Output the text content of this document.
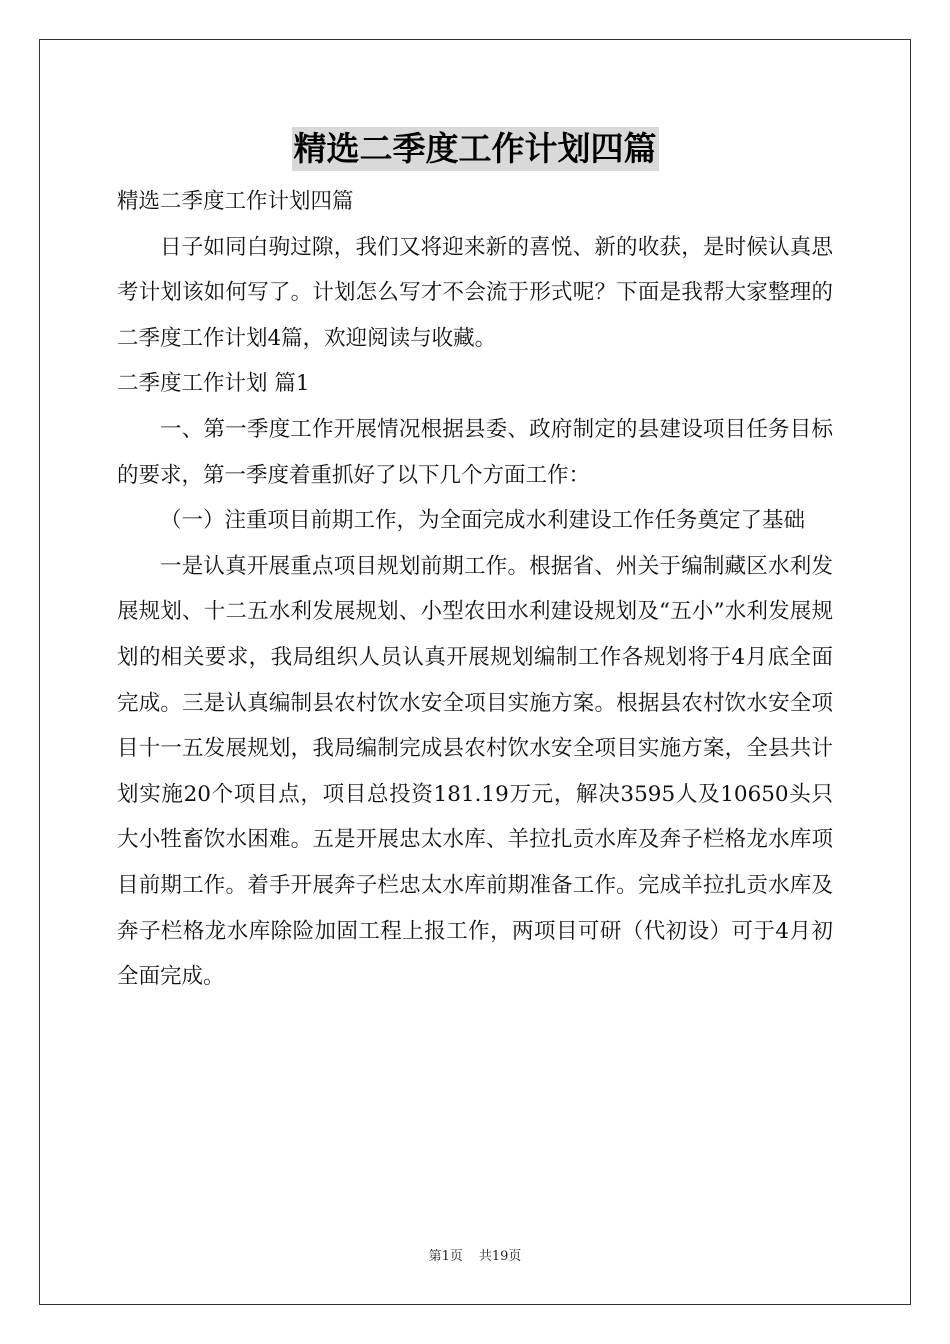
精选二季度工作计划四篇

精选二季度工作计划四篇

日子如同白驹过隙，我们又将迎来新的喜悦、新的收获，是时候认真思考计划该如何写了。计划怎么写才不会流于形式呢？下面是我帮大家整理的二季度工作计划4篇，欢迎阅读与收藏。

二季度工作计划 篇1

一、第一季度工作开展情况根据县委、政府制定的县建设项目任务目标的要求，第一季度着重抓好了以下几个方面工作：

（一）注重项目前期工作，为全面完成水利建设工作任务奠定了基础

一是认真开展重点项目规划前期工作。根据省、州关于编制藏区水利发展规划、十二五水利发展规划、小型农田水利建设规划及“五小”水利发展规划的相关要求，我局组织人员认真开展规划编制工作各规划将于4月底全面完成。三是认真编制县农村饮水安全项目实施方案。根据县农村饮水安全项目十一五发展规划，我局编制完成县农村饮水安全项目实施方案，全县共计划实施20个项目点，项目总投资181.19万元，解决3595人及10650头只大小牲畜饮水困难。五是开展忠太水库、羊拉扎贡水库及奔子栏格龙水库项目前期工作。着手开展奔子栏忠太水库前期准备工作。完成羊拉扎贡水库及奔子栏格龙水库除险加固工程上报工作，两项目可研（代初设）可于4月初全面完成。

第1页 共19页
